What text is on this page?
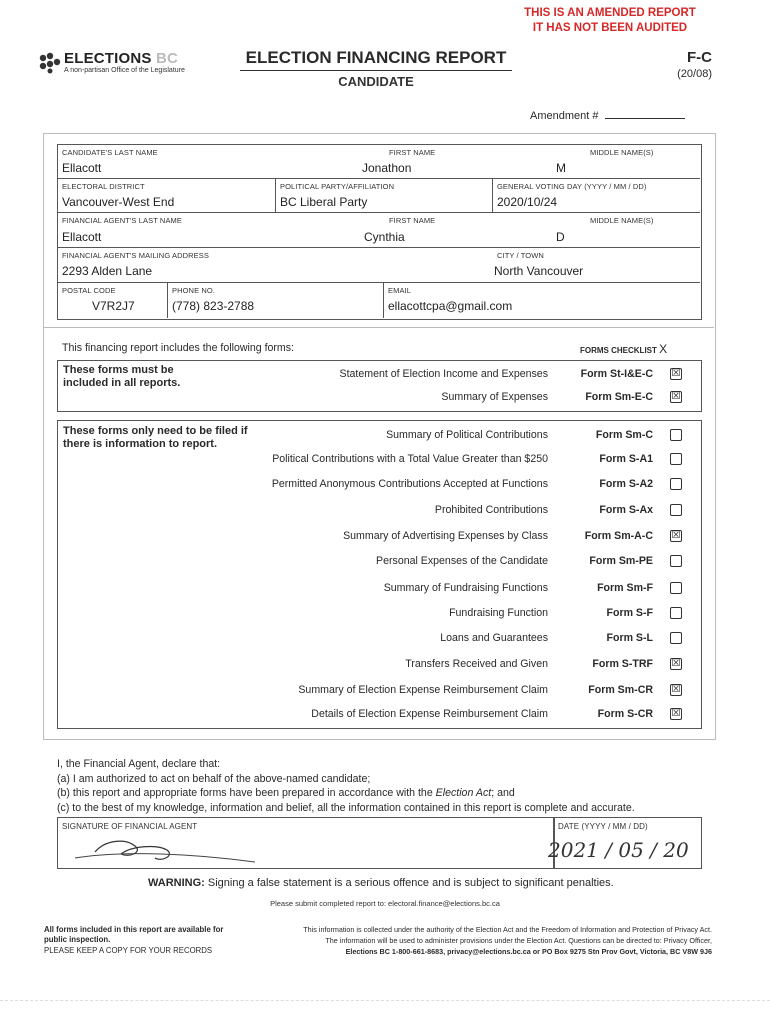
THIS IS AN AMENDED REPORT
IT HAS NOT BEEN AUDITED
ELECTIONS BC
A non-partisan Office of the Legislature
ELECTION FINANCING REPORT
CANDIDATE
F-C
(20/08)
Amendment #
CANDIDATE'S LAST NAME
Ellacott
FIRST NAME
Jonathon
MIDDLE NAME(S)
M
ELECTORAL DISTRICT
Vancouver-West End
POLITICAL PARTY/AFFILIATION
BC Liberal Party
GENERAL VOTING DAY (YYYY / MM / DD)
2020/10/24
FINANCIAL AGENT'S LAST NAME
Ellacott
FIRST NAME
Cynthia
MIDDLE NAME(S)
D
FINANCIAL AGENT'S MAILING ADDRESS
2293 Alden Lane
CITY / TOWN
North Vancouver
POSTAL CODE
V7R2J7
PHONE NO.
(778) 823-2788
EMAIL
ellacottcpa@gmail.com
This financing report includes the following forms:	FORMS CHECKLIST X
These forms must be included in all reports.
Statement of Election Income and Expenses	Form St-I&E-C ☒
Summary of Expenses	Form Sm-E-C ☒
These forms only need to be filed if there is information to report.
Summary of Political Contributions	Form Sm-C
Political Contributions with a Total Value Greater than $250	Form S-A1
Permitted Anonymous Contributions Accepted at Functions	Form S-A2
Prohibited Contributions	Form S-Ax
Summary of Advertising Expenses by Class	Form Sm-A-C ☒
Personal Expenses of the Candidate	Form Sm-PE
Summary of Fundraising Functions	Form Sm-F
Fundraising Function	Form S-F
Loans and Guarantees	Form S-L
Transfers Received and Given	Form S-TRF ☒
Summary of Election Expense Reimbursement Claim	Form Sm-CR ☒
Details of Election Expense Reimbursement Claim	Form S-CR ☒
I, the Financial Agent, declare that:
(a) I am authorized to act on behalf of the above-named candidate;
(b) this report and appropriate forms have been prepared in accordance with the Election Act; and
(c) to the best of my knowledge, information and belief, all the information contained in this report is complete and accurate.
SIGNATURE OF FINANCIAL AGENT	DATE (YYYY / MM / DD)
2021 / 05 / 20
WARNING: Signing a false statement is a serious offence and is subject to significant penalties.
Please submit completed report to: electoral.finance@elections.bc.ca
All forms included in this report are available for public inspection.
PLEASE KEEP A COPY FOR YOUR RECORDS
This information is collected under the authority of the Election Act and the Freedom of Information and Protection of Privacy Act.
The information will be used to administer provisions under the Election Act. Questions can be directed to: Privacy Officer,
Elections BC 1-800-661-8683, privacy@elections.bc.ca or PO Box 9275 Stn Prov Govt, Victoria, BC V8W 9J6
